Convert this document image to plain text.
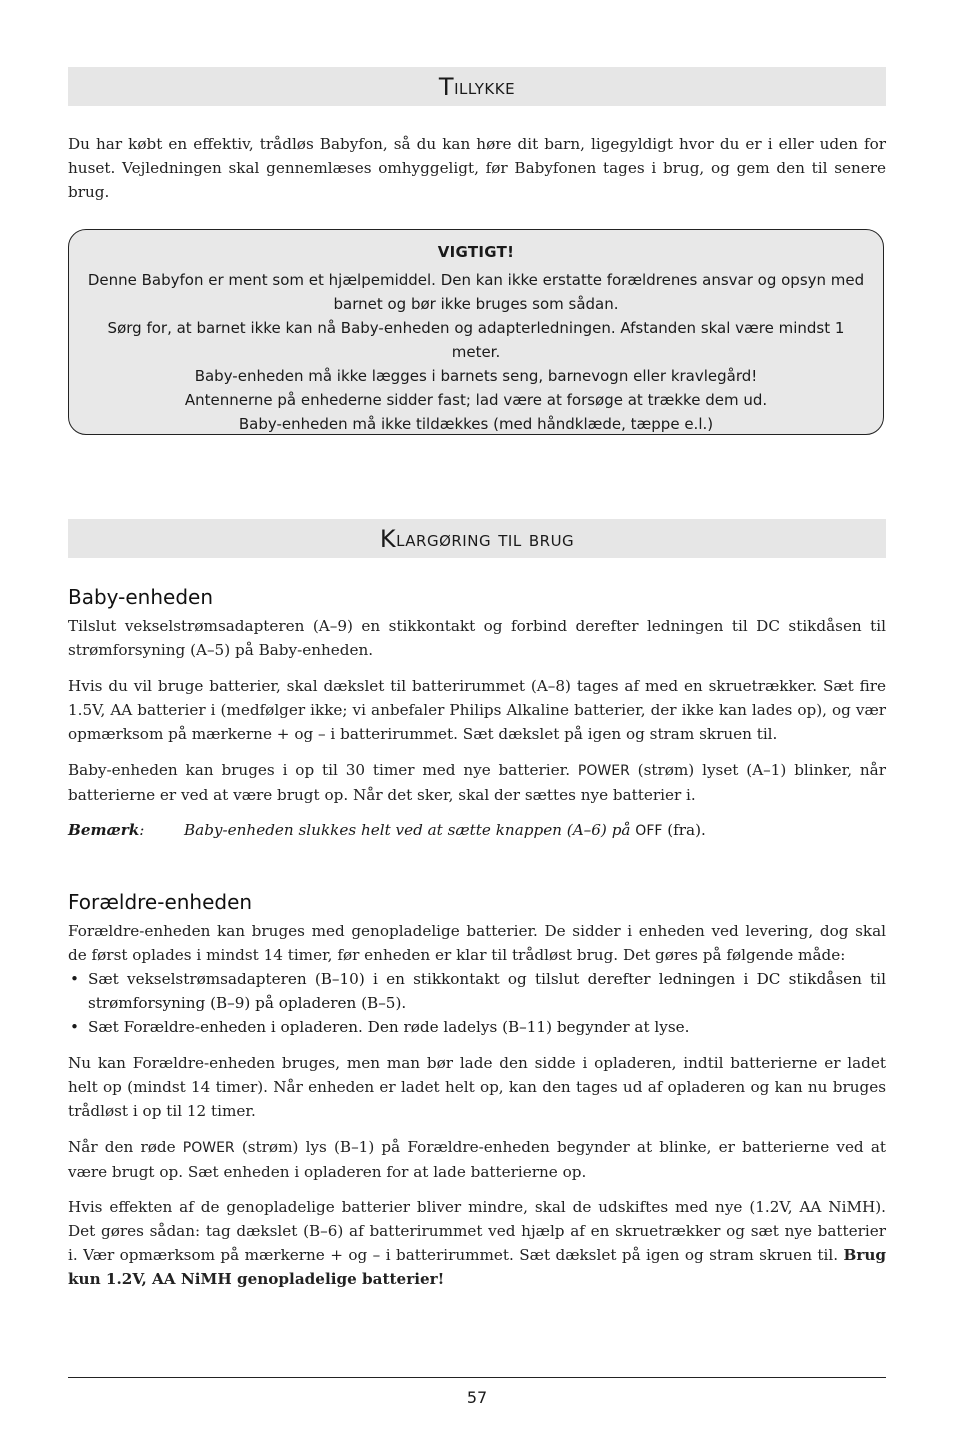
T illykke

Du har købt en effektiv, trådløs Babyfon, så du kan høre dit barn, ligegyldigt hvor du er i eller uden for huset. Vejledningen skal gennemlæses omhyggeligt, før Babyfonen tages i brug, og gem den til senere brug.

VIGTIGT!
Denne Babyfon er ment som et hjælpemiddel. Den kan ikke erstatte forældrenes ansvar og opsyn med barnet og bør ikke bruges som sådan.
Sørg for, at barnet ikke kan nå Baby-enheden og adapterledningen. Afstanden skal være mindst 1 meter.
Baby-enheden må ikke lægges i barnets seng, barnevogn eller kravlegård!
Antennerne på enhederne sidder fast; lad være at forsøge at trække dem ud.
Baby-enheden må ikke tildækkes (med håndklæde, tæppe e.l.)
K largøring til brug
Baby-enheden

Tilslut vekselstrømsadapteren (A–9) en stikkontakt og forbind derefter ledningen til DC stikdåsen til strømforsyning (A–5) på Baby-enheden.

Hvis du vil bruge batterier, skal dækslet til batterirummet (A–8) tages af med en skruetrækker. Sæt fire 1.5V, AA batterier i (medfølger ikke; vi anbefaler Philips Alkaline batterier, der ikke kan lades op), og vær opmærksom på mærkerne + og – i batterirummet. Sæt dækslet på igen og stram skruen til.

Baby-enheden kan bruges i op til 30 timer med nye batterier. POWER (strøm) lyset (A–1) blinker, når batterierne er ved at være brugt op. Når det sker, skal der sættes nye batterier i.

Bemærk:	Baby-enheden slukkes helt ved at sætte knappen (A–6) på OFF (fra).
Forældre-enheden

Forældre-enheden kan bruges med genopladelige batterier. De sidder i enheden ved levering, dog skal de først oplades i mindst 14 timer, før enheden er klar til trådløst brug. Det gøres på følgende måde:

• Sæt vekselstrømsadapteren (B–10) i en stikkontakt og tilslut derefter ledningen i DC stikdåsen til strømforsyning (B–9) på opladeren (B–5).
• Sæt Forældre-enheden i opladeren. Den røde ladelys (B–11) begynder at lyse.

Nu kan Forældre-enheden bruges, men man bør lade den sidde i opladeren, indtil batterierne er ladet helt op (mindst 14 timer). Når enheden er ladet helt op, kan den tages ud af opladeren og kan nu bruges trådløst i op til 12 timer.

Når den røde POWER (strøm) lys (B–1) på Forældre-enheden begynder at blinke, er batterierne ved at være brugt op. Sæt enheden i opladeren for at lade batterierne op.

Hvis effekten af de genopladelige batterier bliver mindre, skal de udskiftes med nye (1.2V, AA NiMH). Det gøres sådan: tag dækslet (B–6) af batterirummet ved hjælp af en skruetrækker og sæt nye batterier i. Vær opmærksom på mærkerne + og – i batterirummet. Sæt dækslet på igen og stram skruen til. Brug kun 1.2V, AA NiMH genopladelige batterier!

57
